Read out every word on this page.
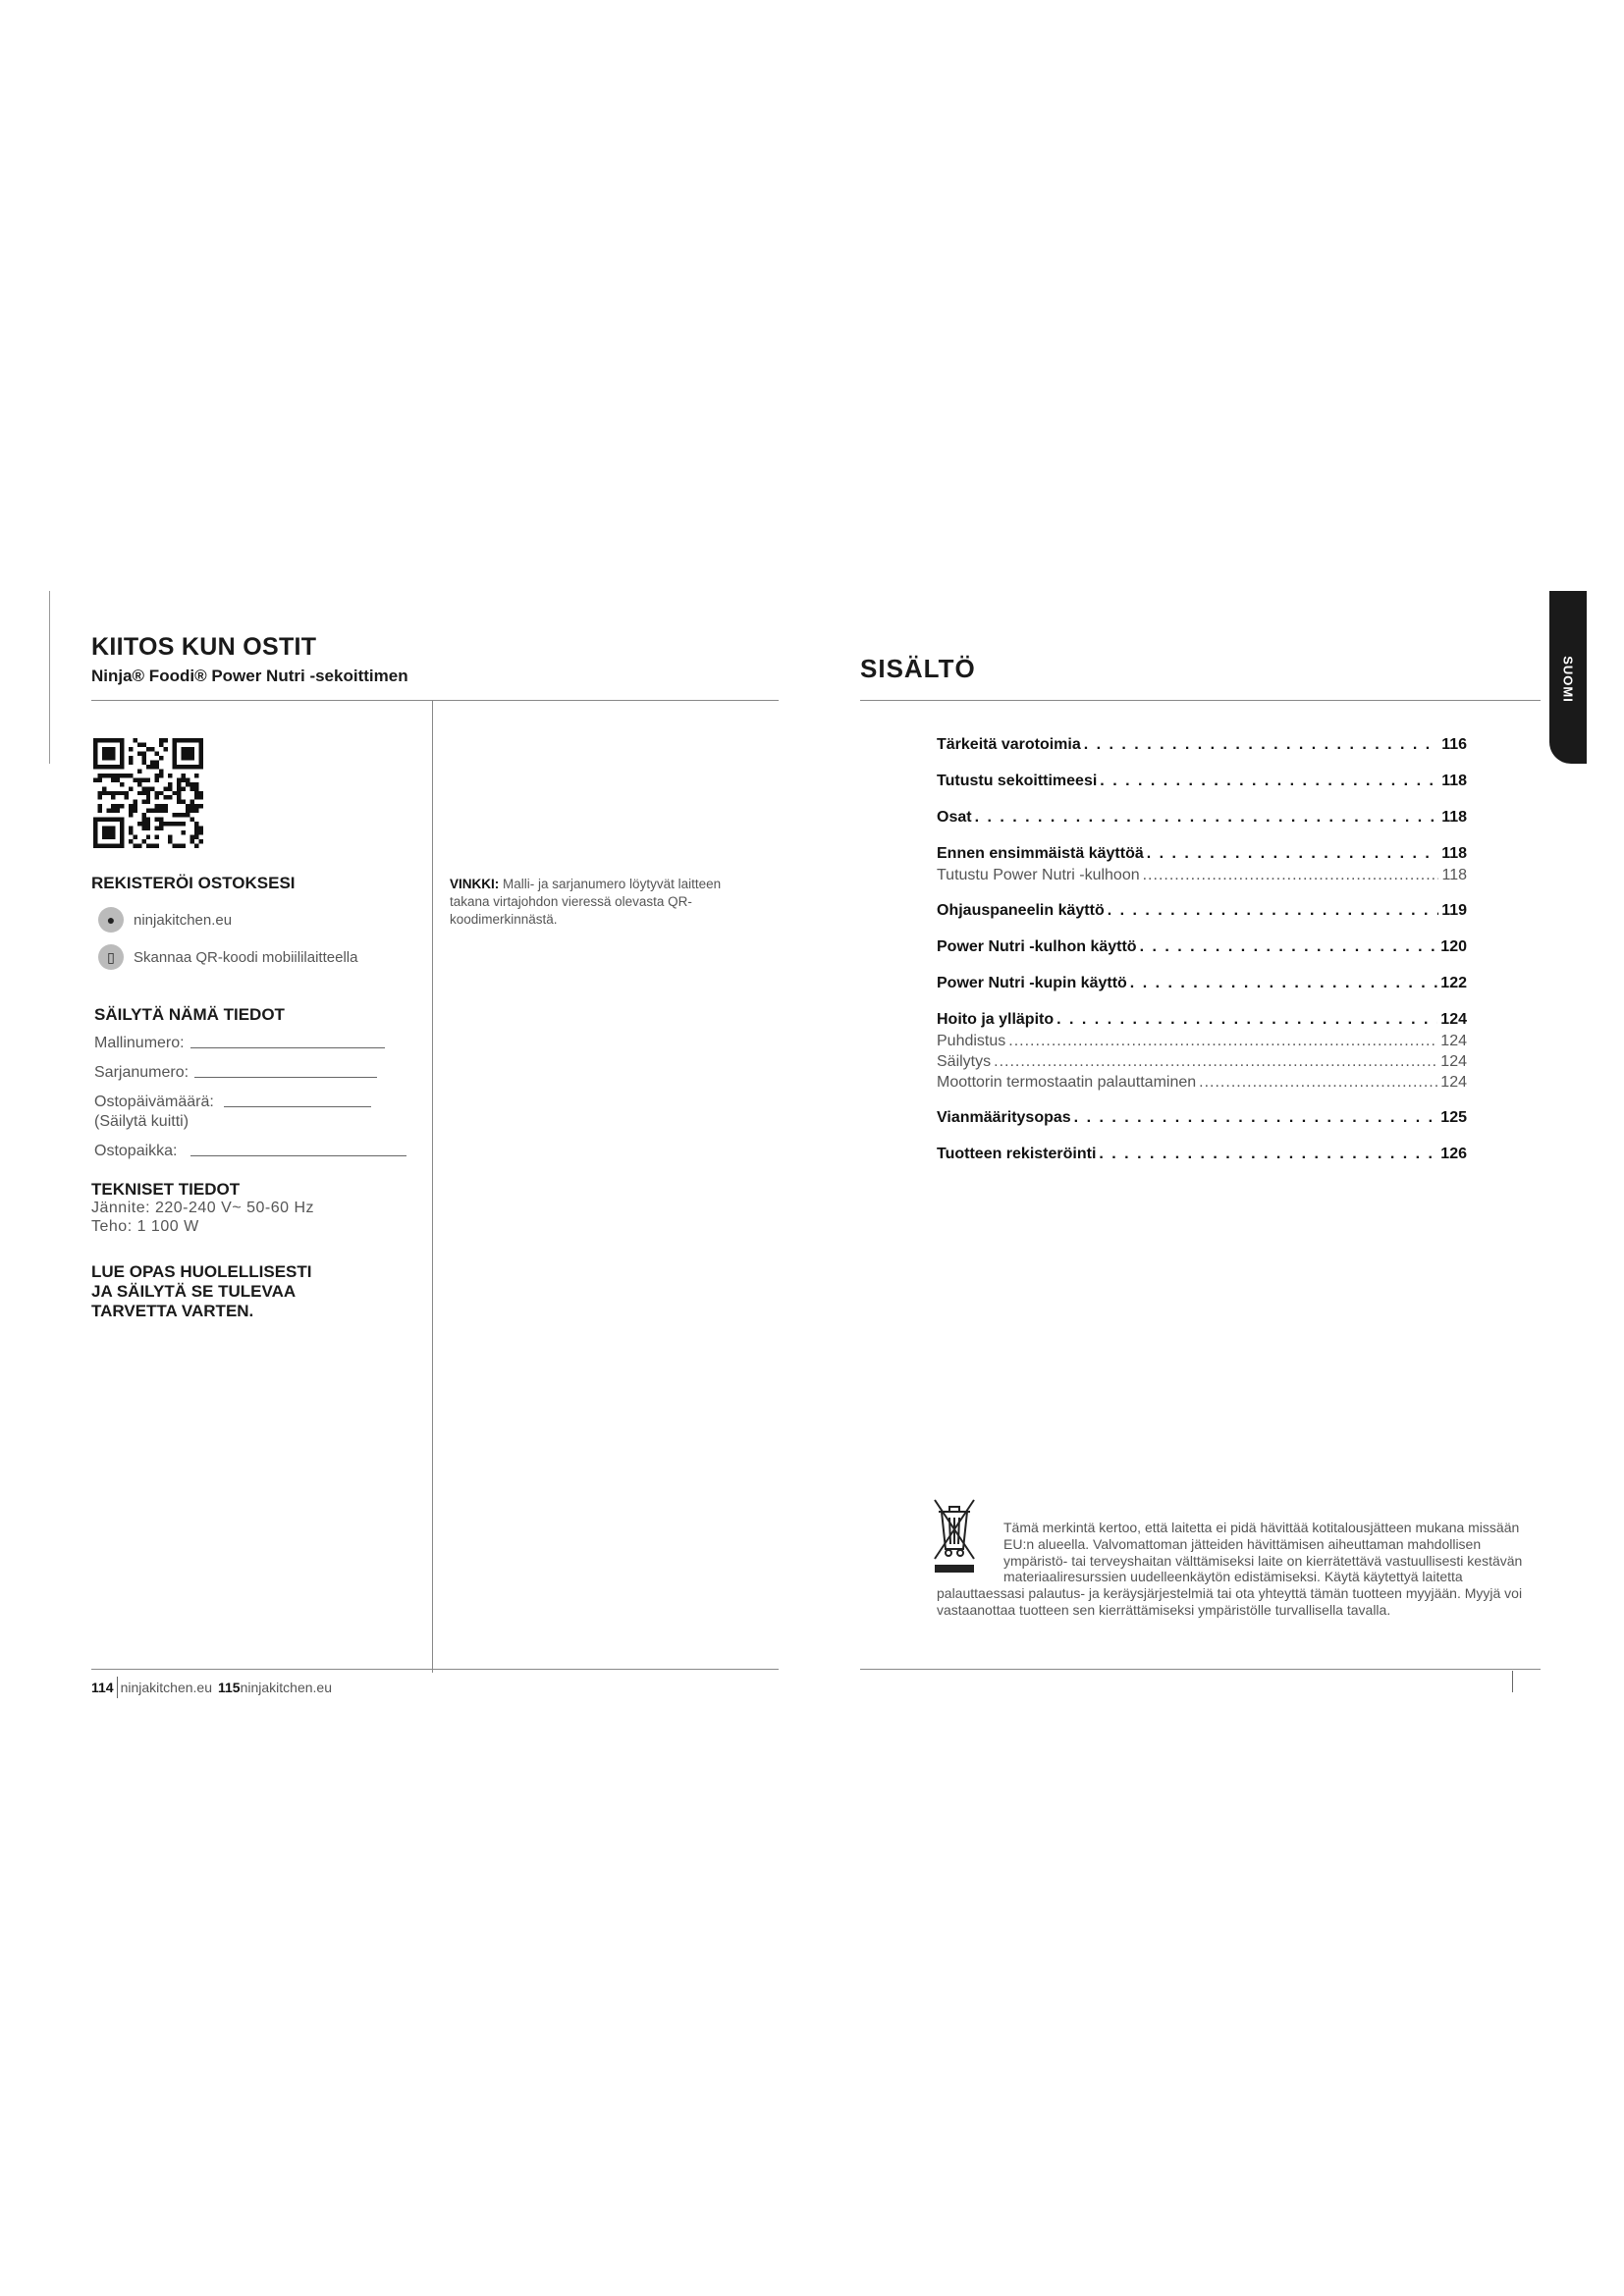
KIITOS KUN OSTIT
Ninja® Foodi® Power Nutri -sekoittimen
REKISTERÖI OSTOKSESI
●	ninjakitchen.eu
▯	Skannaa QR-koodi mobiililaitteella
SÄILYTÄ NÄMÄ TIEDOT
Mallinumero:
Sarjanumero:
Ostopäivämäärä:
(Säilytä kuitti)
Ostopaikka:
TEKNISET TIEDOT
Jännite: 220-240 V~ 50-60 Hz
Teho: 1 100 W
LUE OPAS HUOLELLISESTI
JA SÄILYTÄ SE TULEVAA
TARVETTA VARTEN.
VINKKI: Malli- ja sarjanumero löytyvät laitteen takana virtajohdon vieressä olevasta QR-koodimerkinnästä.
114 ninjakitchen.eu 115 ninjakitchen.eu
SISÄLTÖ	SUOMI
Tärkeitä varotoimia . . .	116
Tutustu sekoittimeesi . . .	118
Osat . . .	118
Ennen ensimmäistä käyttöä . . .	118
Tutustu Power Nutri -kulhoon .....	118
Ohjauspaneelin käyttö . . .	119
Power Nutri -kulhon käyttö . . .	120
Power Nutri -kupin käyttö . . .	122
Hoito ja ylläpito . . .	124
Puhdistus .....	124
Säilytys .....	124
Moottorin termostaatin palauttaminen .....	124
Vianmääritysopas . . .	125
Tuotteen rekisteröinti . . .	126
Tämä merkintä kertoo, että laitetta ei pidä hävittää kotitalousjätteen mukana missään EU:n alueella. Valvomattoman jätteiden hävittämisen aiheuttaman mahdollisen ympäristö- tai terveyshaitan välttämiseksi laite on kierrätettävä vastuullisesti kestävän materiaaliresurssien uudelleenkäytön edistämiseksi. Käytä käytettyä laitetta palauttaessasi palautus- ja keräysjärjestelmiä tai ota yhteyttä tämän tuotteen myyjään. Myyjä voi vastaanottaa tuotteen sen kierrättämiseksi ympäristölle turvallisella tavalla.
